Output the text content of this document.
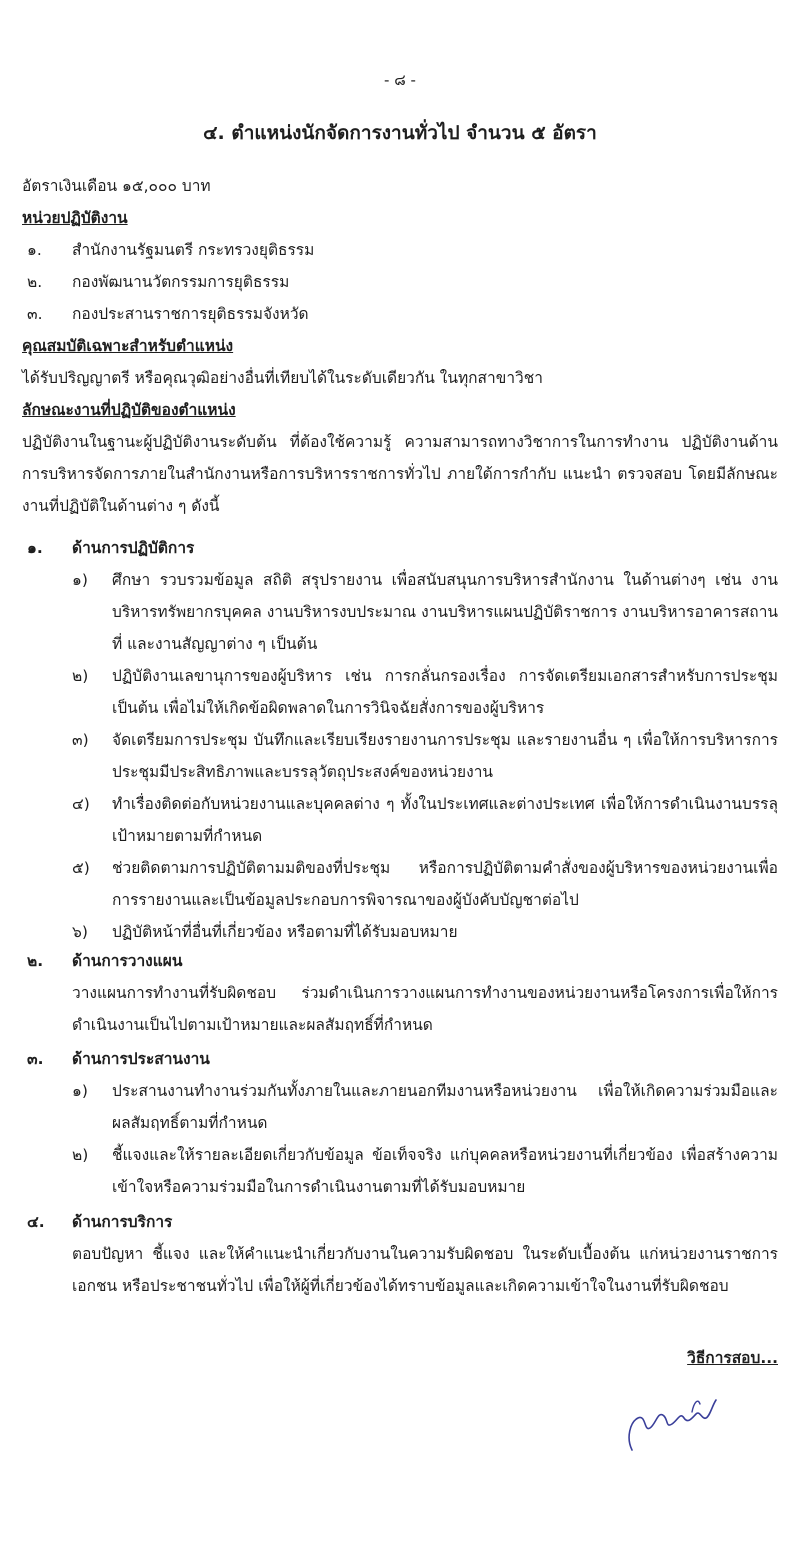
- ๘ -
๔. ตำแหน่งนักจัดการงานทั่วไป จำนวน ๕ อัตรา
อัตราเงินเดือน ๑๕,๐๐๐ บาท
หน่วยปฏิบัติงาน
๑. สำนักงานรัฐมนตรี กระทรวงยุติธรรม
๒. กองพัฒนานวัตกรรมการยุติธรรม
๓. กองประสานราชการยุติธรรมจังหวัด
คุณสมบัติเฉพาะสำหรับตำแหน่ง
ได้รับปริญญาตรี หรือคุณวุฒิอย่างอื่นที่เทียบได้ในระดับเดียวกัน ในทุกสาขาวิชา
ลักษณะงานที่ปฏิบัติของตำแหน่ง
ปฏิบัติงานในฐานะผู้ปฏิบัติงานระดับต้น ที่ต้องใช้ความรู้ ความสามารถทางวิชาการในการทำงาน ปฏิบัติงานด้านการบริหารจัดการภายในสำนักงานหรือการบริหารราชการทั่วไป ภายใต้การกำกับ แนะนำ ตรวจสอบ โดยมีลักษณะงานที่ปฏิบัติในด้านต่าง ๆ ดังนี้
๑. ด้านการปฏิบัติการ
๑) ศึกษา รวบรวมข้อมูล สถิติ สรุปรายงาน เพื่อสนับสนุนการบริหารสำนักงาน ในด้านต่างๆ เช่น งานบริหารทรัพยากรบุคคล งานบริหารงบประมาณ งานบริหารแผนปฏิบัติราชการ งานบริหารอาคารสถานที่ และงานสัญญาต่าง ๆ เป็นต้น
๒) ปฏิบัติงานเลขานุการของผู้บริหาร เช่น การกลั่นกรองเรื่อง การจัดเตรียมเอกสารสำหรับการประชุม เป็นต้น เพื่อไม่ให้เกิดข้อผิดพลาดในการวินิจฉัยสั่งการของผู้บริหาร
๓) จัดเตรียมการประชุม บันทึกและเรียบเรียงรายงานการประชุม และรายงานอื่น ๆ เพื่อให้การบริหารการประชุมมีประสิทธิภาพและบรรลุวัตถุประสงค์ของหน่วยงาน
๔) ทำเรื่องติดต่อกับหน่วยงานและบุคคลต่าง ๆ ทั้งในประเทศและต่างประเทศ เพื่อให้การดำเนินงานบรรลุเป้าหมายตามที่กำหนด
๕) ช่วยติดตามการปฏิบัติตามมติของที่ประชุม หรือการปฏิบัติตามคำสั่งของผู้บริหารของหน่วยงานเพื่อการรายงานและเป็นข้อมูลประกอบการพิจารณาของผู้บังคับบัญชาต่อไป
๖) ปฏิบัติหน้าที่อื่นที่เกี่ยวข้อง หรือตามที่ได้รับมอบหมาย
๒. ด้านการวางแผน
วางแผนการทำงานที่รับผิดชอบ ร่วมดำเนินการวางแผนการทำงานของหน่วยงานหรือโครงการเพื่อให้การดำเนินงานเป็นไปตามเป้าหมายและผลสัมฤทธิ์ที่กำหนด
๓. ด้านการประสานงาน
๑) ประสานงานทำงานร่วมกันทั้งภายในและภายนอกทีมงานหรือหน่วยงาน เพื่อให้เกิดความร่วมมือและผลสัมฤทธิ์ตามที่กำหนด
๒) ชี้แจงและให้รายละเอียดเกี่ยวกับข้อมูล ข้อเท็จจริง แก่บุคคลหรือหน่วยงานที่เกี่ยวข้อง เพื่อสร้างความเข้าใจหรือความร่วมมือในการดำเนินงานตามที่ได้รับมอบหมาย
๔. ด้านการบริการ
ตอบปัญหา ชี้แจง และให้คำแนะนำเกี่ยวกับงานในความรับผิดชอบ ในระดับเบื้องต้น แก่หน่วยงานราชการ เอกชน หรือประชาชนทั่วไป เพื่อให้ผู้ที่เกี่ยวข้องได้ทราบข้อมูลและเกิดความเข้าใจในงานที่รับผิดชอบ
วิธีการสอบ...
